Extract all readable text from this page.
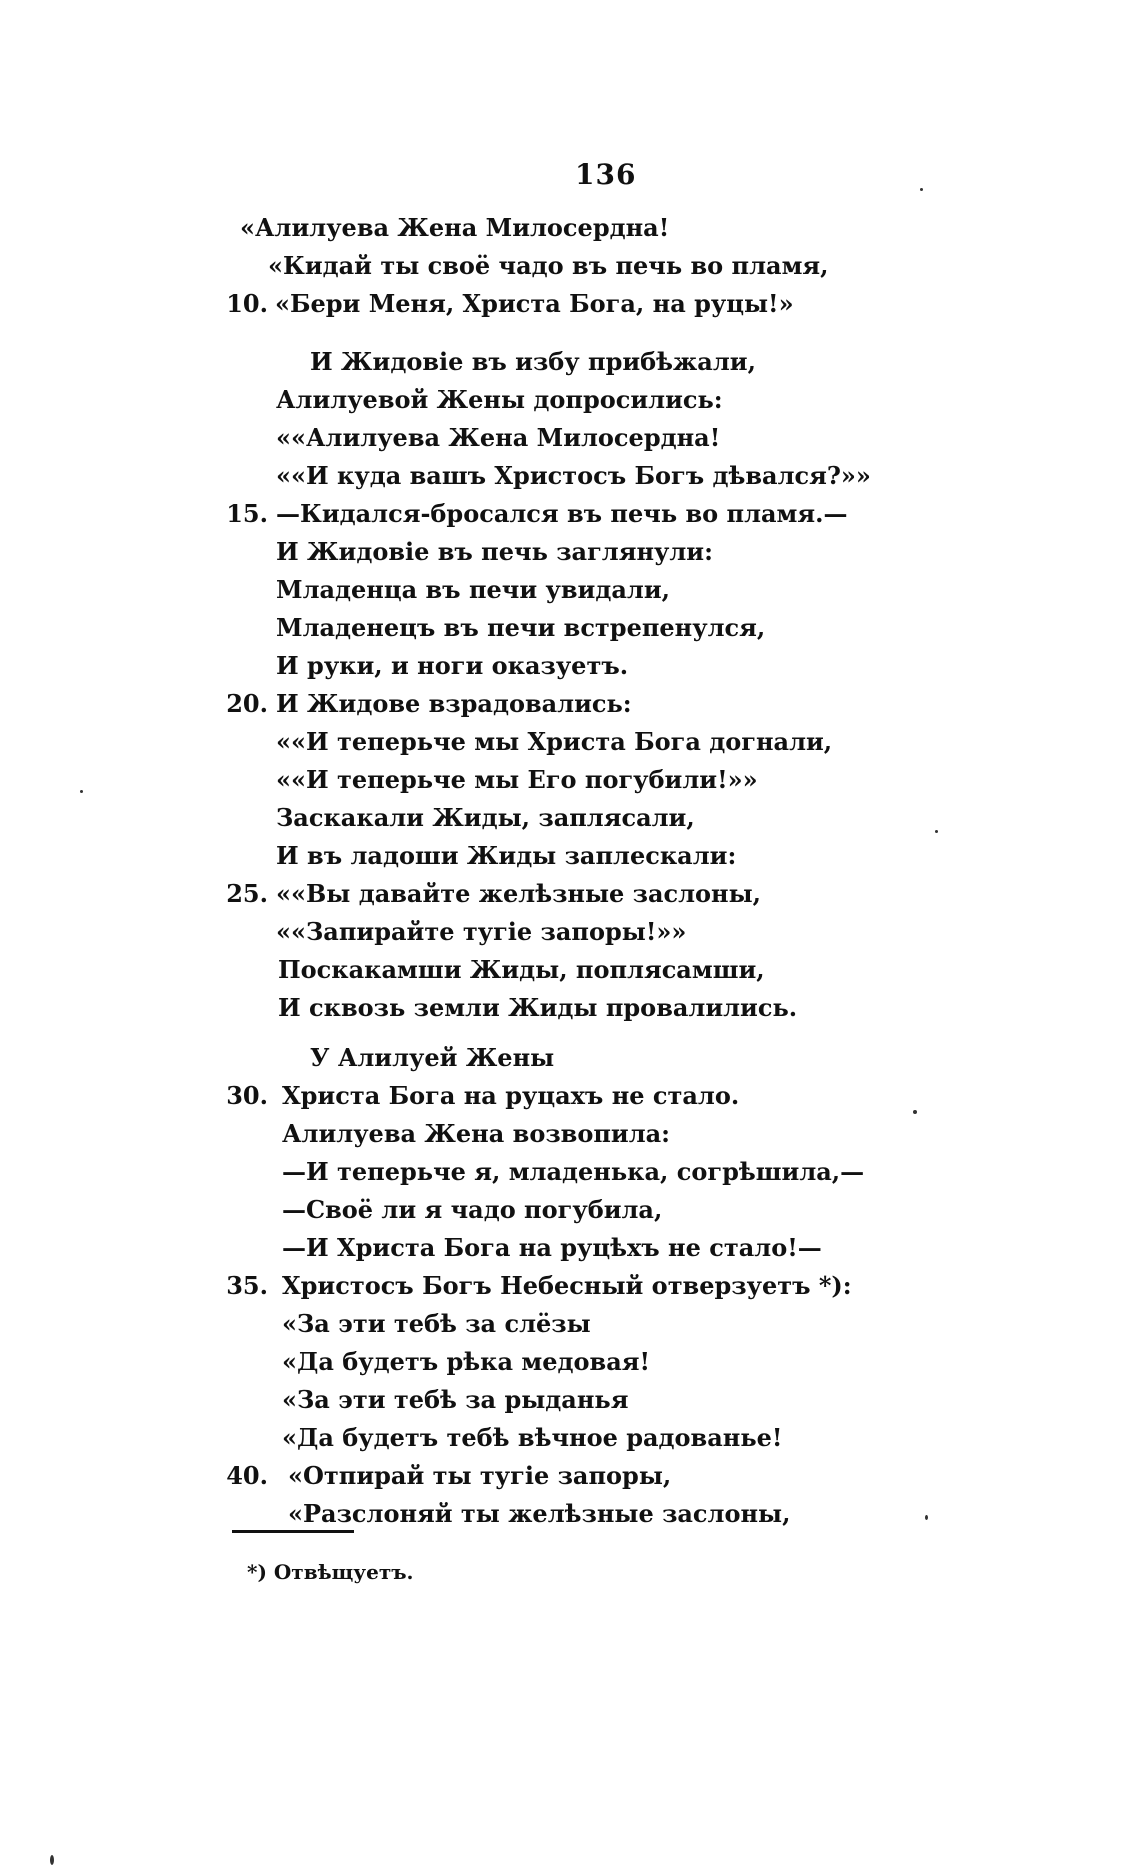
136
«Алилуева Жена Милосердна!
«Кидай ты своё чадо въ печь во пламя,
10. «Бери Меня, Христа Бога, на руцы!»
И Жидовіе въ избу прибѣжали,
Алилуевой Жены допросились:
««Алилуева Жена Милосердна!
««И куда вашъ Христосъ Богъ дѣвался?»»
15. —Кидался-бросался въ печь во пламя.—
И Жидовіе въ печь заглянули:
Младенца въ печи увидали,
Младенецъ въ печи встрепенулся,
И руки, и ноги оказуетъ.
20. И Жидове взрадовались:
««И теперьче мы Христа Бога догнали,
««И теперьче мы Его погубили!»»
Заскакали Жиды, заплясали,
И въ ладоши Жиды заплескали:
25. ««Вы давайте желѣзные заслоны,
««Запирайте тугіе запоры!»»
Поскакамши Жиды, поплясамши,
И сквозь земли Жиды провалились.
У Алилуей Жены
30. Христа Бога на руцахъ не стало.
Алилуева Жена возвопила:
—И теперьче я, младенька, согрѣшила,—
—Своё ли я чадо погубила,
—И Христа Бога на руцѣхъ не стало!—
35. Христосъ Богъ Небесный отверзуетъ *):
«За эти тебѣ за слёзы
«Да будетъ рѣка медовая!
«За эти тебѣ за рыданья
«Да будетъ тебѣ вѣчное радованье!
40. «Отпирай ты тугіе запоры,
«Разслоняй ты желѣзные заслоны,
*) Отвѣщуетъ.
